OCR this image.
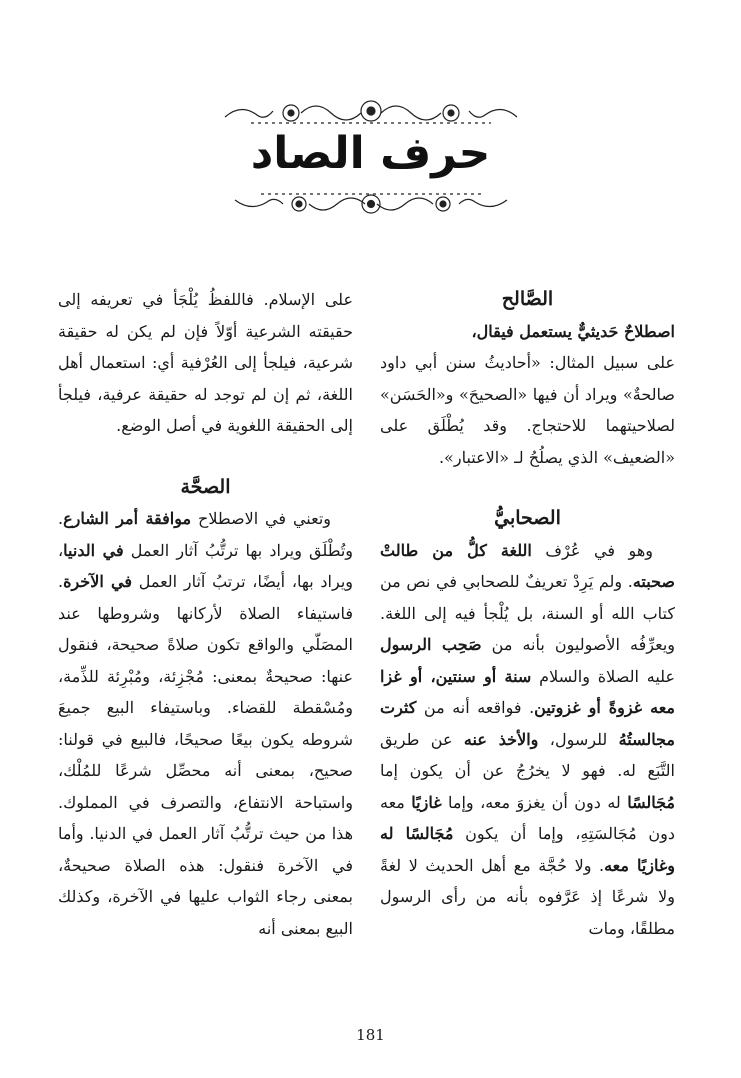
حرف الصاد

الصَّالح

اصطلاحٌ حَديثيٌّ يستعمل فيقال،

على سبيل المثال: «أحاديثُ سنن أبي داود صالحةٌ» ويراد أن فيها «الصحيحَ» و«الحَسَن» لصلاحيتهما للاحتجاج. وقد يُطْلَق على «الضعيف» الذي يصلُحُ لـ «الاعتبار».

الصحابيُّ

وهو في عُرْف اللغة كلُّ من طالتْ صحبته. ولم يَرِدْ تعريفٌ للصحابي في نص من كتاب الله أو السنة، بل يُلْجأ فيه إلى اللغة. ويعرِّفُه الأصوليون بأنه من صَحِب الرسول عليه الصلاة والسلام سنة أو سنتين، أو غزا معه غزوةً أو غزوتين. فواقعه أنه من كثرت مجالستُهُ للرسول، والأخذ عنه عن طريق التَّبَع له. فهو لا يخرُجُ عن أن يكون إما مُجَالسًا له دون أن يغزوَ معه، وإما غازيًا معه دون مُجَالسَتِهِ، وإما أن يكون مُجَالسًا له وغازيًا معه. ولا حُجَّة مع أهل الحديث لا لغةً ولا شرعًا إذ عَرَّفوه بأنه من رأى الرسول مطلقًا، ومات

على الإسلام. فاللفظُ يُلْجَأ في تعريفه إلى حقيقته الشرعية أوّلاً فإن لم يكن له حقيقة شرعية، فيلجأ إلى العُرْفية أي: استعمال أهل اللغة، ثم إن لم توجد له حقيقة عرفية، فيلجأ إلى الحقيقة اللغوية في أصل الوضع.

الصحَّة

وتعني في الاصطلاح موافقة أمر الشارع. وتُطْلَق ويراد بها ترتُّبُ آثار العمل في الدنيا، ويراد بها، أيضًا، ترتبُ آثار العمل في الآخرة. فاستيفاء الصلاة لأركانها وشروطها عند المصَلّي والواقع تكون صلاةً صحيحة، فنقول عنها: صحيحةٌ بمعنى: مُجْزِئة، ومُبْرِئة للذِّمة، ومُسْقطة للقضاء. وباستيفاء البيع جميعَ شروطه يكون بيعًا صحيحًا، فالبيع في قولنا: صحيح، بمعنى أنه محصِّل شرعًا للمُلْك، واستباحة الانتفاع، والتصرف في المملوك. هذا من حيث ترتُّبُ آثار العمل في الدنيا. وأما في الآخرة فنقول: هذه الصلاة صحيحةٌ، بمعنى رجاء الثواب عليها في الآخرة، وكذلك البيع بمعنى أنه

181
